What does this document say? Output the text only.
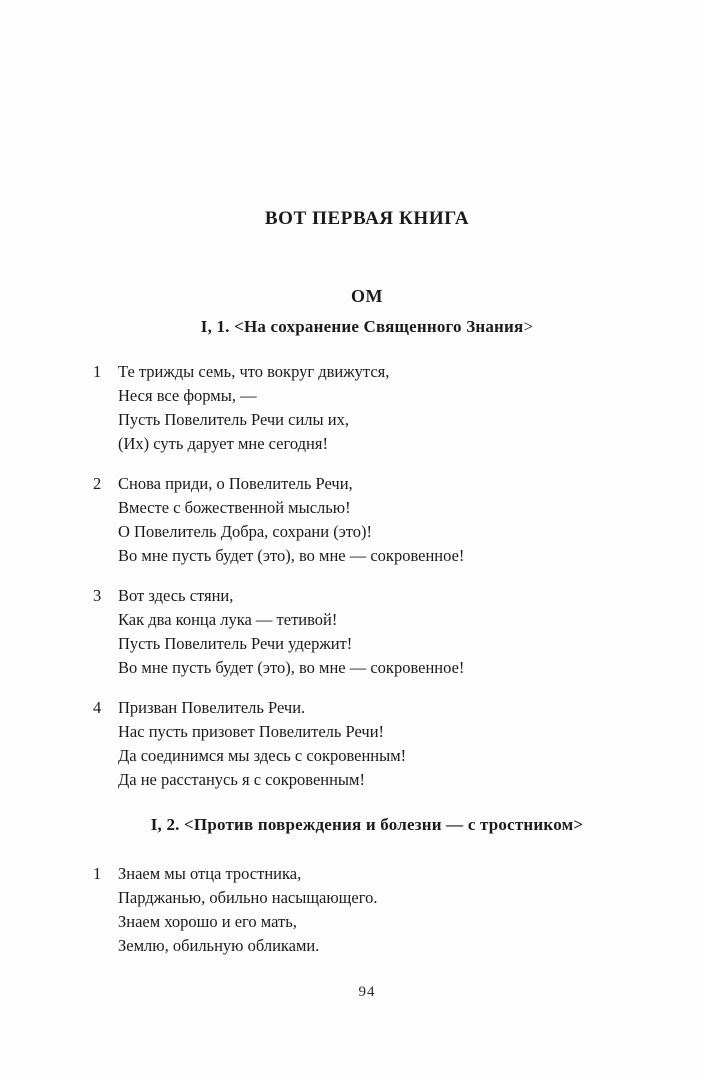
ВОТ ПЕРВАЯ КНИГА
ОМ
I, 1. <На сохранение Священного Знания>
1	Те трижды семь, что вокруг движутся,
Неся все формы, —
Пусть Повелитель Речи силы их,
(Их) суть дарует мне сегодня!
2	Снова приди, о Повелитель Речи,
Вместе с божественной мыслью!
О Повелитель Добра, сохрани (это)!
Во мне пусть будет (это), во мне — сокровенное!
3	Вот здесь стяни,
Как два конца лука — тетивой!
Пусть Повелитель Речи удержит!
Во мне пусть будет (это), во мне — сокровенное!
4	Призван Повелитель Речи.
Нас пусть призовет Повелитель Речи!
Да соединимся мы здесь с сокровенным!
Да не расстанусь я с сокровенным!
I, 2. <Против повреждения и болезни — с тростником>
1	Знаем мы отца тростника,
Парджанью, обильно насыщающего.
Знаем хорошо и его мать,
Землю, обильную обликами.
94
